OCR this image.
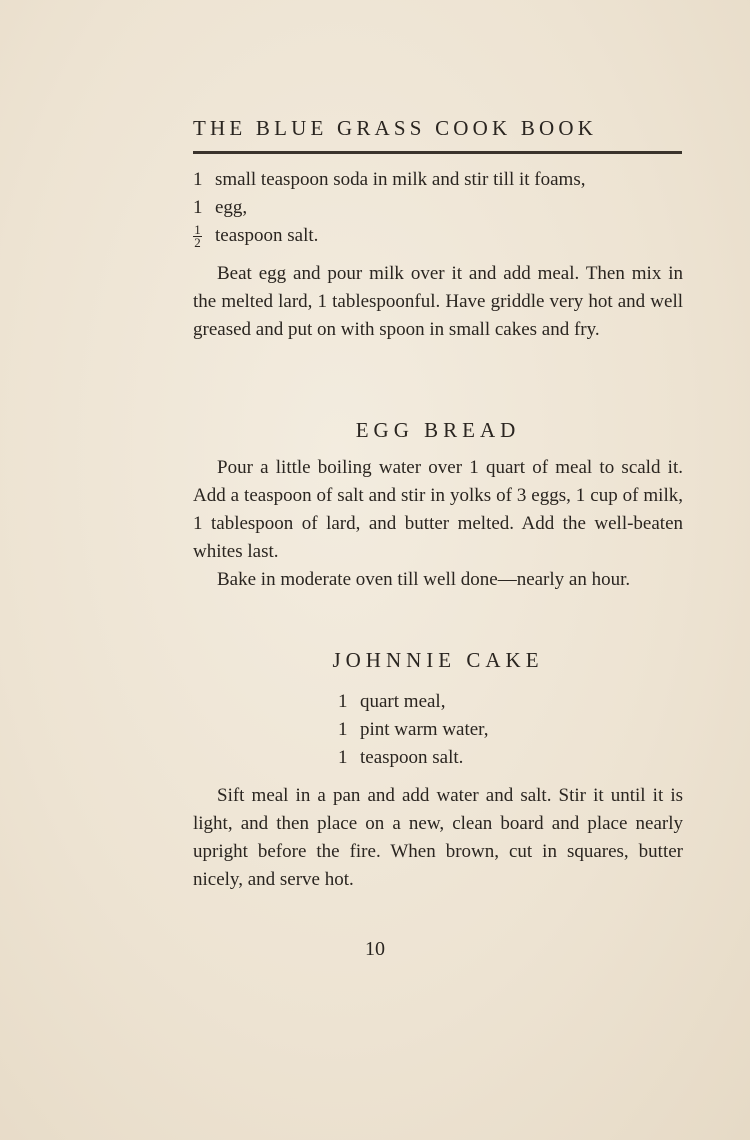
THE BLUE GRASS COOK BOOK
1 small teaspoon soda in milk and stir till it foams,
1 egg,
$\frac{1}{2}$ teaspoon salt.

Beat egg and pour milk over it and add meal. Then mix in the melted lard, 1 tablespoonful. Have griddle very hot and well greased and put on with spoon in small cakes and fry.

EGG BREAD

Pour a little boiling water over 1 quart of meal to scald it. Add a teaspoon of salt and stir in yolks of 3 eggs, 1 cup of milk, 1 tablespoon of lard, and butter melted. Add the well-beaten whites last.

Bake in moderate oven till well done—nearly an hour.

JOHNNIE CAKE
1 quart meal,
1 pint warm water,
1 teaspoon salt.

Sift meal in a pan and add water and salt. Stir it until it is light, and then place on a new, clean board and place nearly upright before the fire. When brown, cut in squares, butter nicely, and serve hot.

10
